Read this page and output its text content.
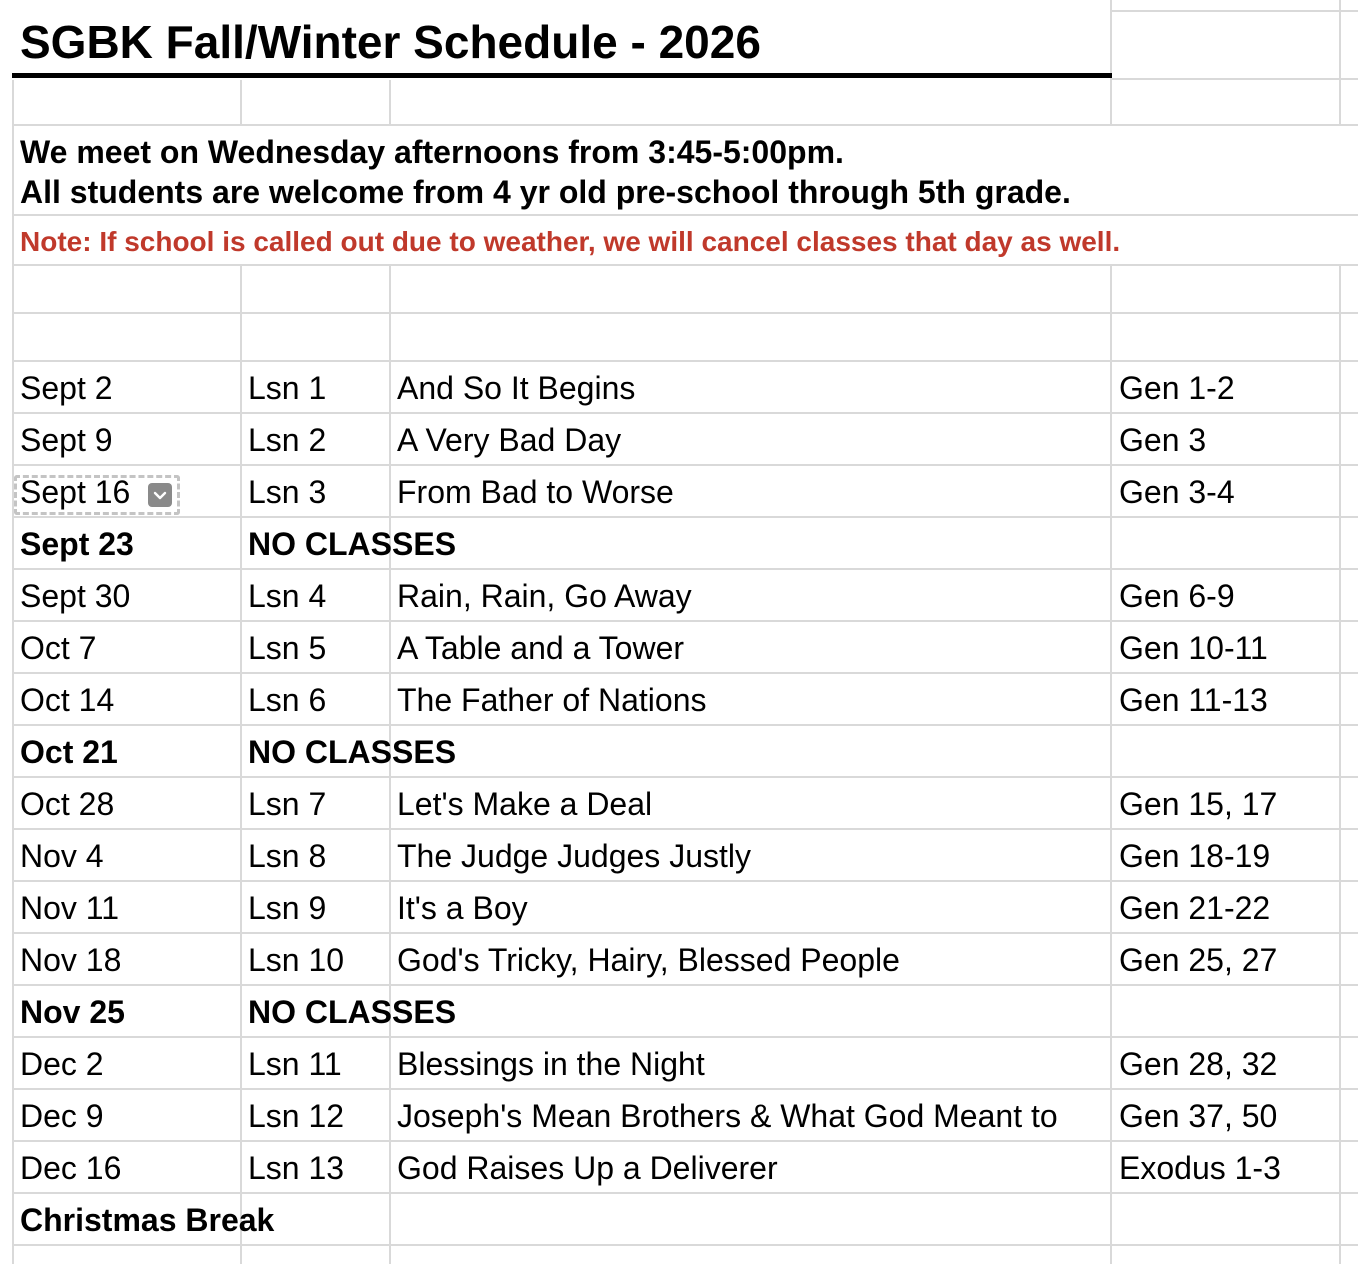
SGBK Fall/Winter Schedule - 2026
We meet on Wednesday afternoons from 3:45-5:00pm.
All students are welcome from 4 yr old pre-school through 5th grade.
Note: If school is called out due to weather, we will cancel classes that day as well.
Sept 2	Lsn 1	And So It Begins	Gen 1-2
Sept 9	Lsn 2	A Very Bad Day	Gen 3
Sept 16	Lsn 3	From Bad to Worse	Gen 3-4
Sept 23	NO CLASSES
Sept 30	Lsn 4	Rain, Rain, Go Away	Gen 6-9
Oct 7	Lsn 5	A Table and a Tower	Gen 10-11
Oct 14	Lsn 6	The Father of Nations	Gen 11-13
Oct 21	NO CLASSES
Oct 28	Lsn 7	Let's Make a Deal	Gen 15, 17
Nov 4	Lsn 8	The Judge Judges Justly	Gen 18-19
Nov 11	Lsn 9	It's a Boy	Gen 21-22
Nov 18	Lsn 10	God's Tricky, Hairy, Blessed People	Gen 25, 27
Nov 25	NO CLASSES
Dec 2	Lsn 11	Blessings in the Night	Gen 28, 32
Dec 9	Lsn 12	Joseph's Mean Brothers & What God Meant to	Gen 37, 50
Dec 16	Lsn 13	God Raises Up a Deliverer	Exodus 1-3
Christmas Break
